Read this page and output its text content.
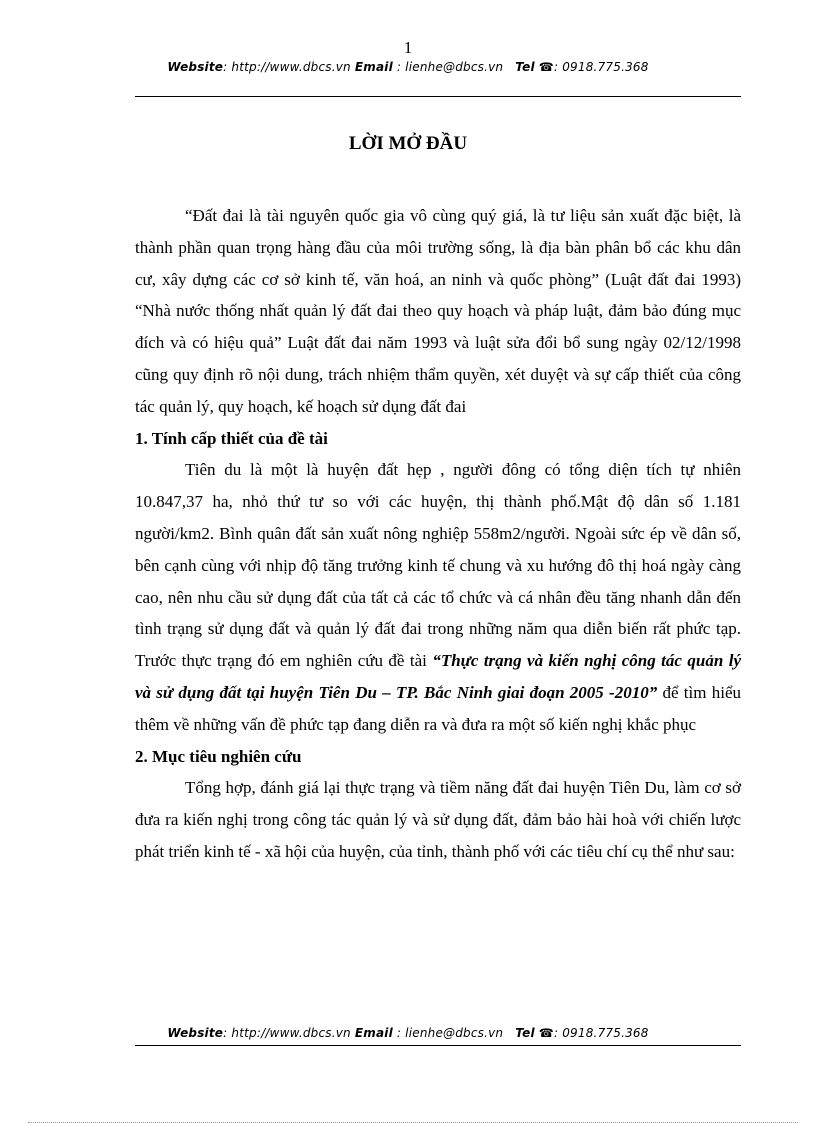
1
Website: http://www.dbcs.vn Email : lienhe@dbcs.vn Tel ☎: 0918.775.368
LỜI MỞ ĐẦU

“Đất đai là tài nguyên quốc gia vô cùng quý giá, là tư liệu sản xuất đặc biệt, là thành phần quan trọng hàng đầu của môi trường sống, là địa bàn phân bổ các khu dân cư, xây dựng các cơ sở kinh tế, văn hoá, an ninh và quốc phòng” (Luật đất đai 1993) “Nhà nước thống nhất quản lý đất đai theo quy hoạch và pháp luật, đảm bảo đúng mục đích và có hiệu quả” Luật đất đai năm 1993 và luật sửa đổi bổ sung ngày 02/12/1998 cũng quy định rõ nội dung, trách nhiệm thẩm quyền, xét duyệt và sự cấp thiết của công tác quản lý, quy hoạch, kế hoạch sử dụng đất đai

1. Tính cấp thiết của đề tài

Tiên du là một là huyện đất hẹp , người đông có tổng diện tích tự nhiên 10.847,37 ha, nhỏ thứ tư so với các huyện, thị thành phố.Mật độ dân số 1.181 người/km2. Bình quân đất sản xuất nông nghiệp 558m2/người. Ngoài sức ép về dân số, bên cạnh cùng với nhịp độ tăng trưởng kinh tế chung và xu hướng đô thị hoá ngày càng cao, nên nhu cầu sử dụng đất của tất cả các tổ chức và cá nhân đều tăng nhanh dẫn đến tình trạng sử dụng đất và quản lý đất đai trong những năm qua diễn biến rất phức tạp. Trước thực trạng đó em nghiên cứu đề tài “Thực trạng và kiến nghị công tác quản lý và sử dụng đất tại huyện Tiên Du – TP. Bắc Ninh giai đoạn 2005 -2010” để tìm hiểu thêm về những vấn đề phức tạp đang diễn ra và đưa ra một số kiến nghị khắc phục

2. Mục tiêu nghiên cứu

Tổng hợp, đánh giá lại thực trạng và tiềm năng đất đai huyện Tiên Du, làm cơ sở đưa ra kiến nghị trong công tác quản lý và sử dụng đất, đảm bảo hài hoà với chiến lược phát triển kinh tế - xã hội của huyện, của tỉnh, thành phố với các tiêu chí cụ thể như sau:

Website: http://www.dbcs.vn Email : lienhe@dbcs.vn Tel ☎: 0918.775.368
